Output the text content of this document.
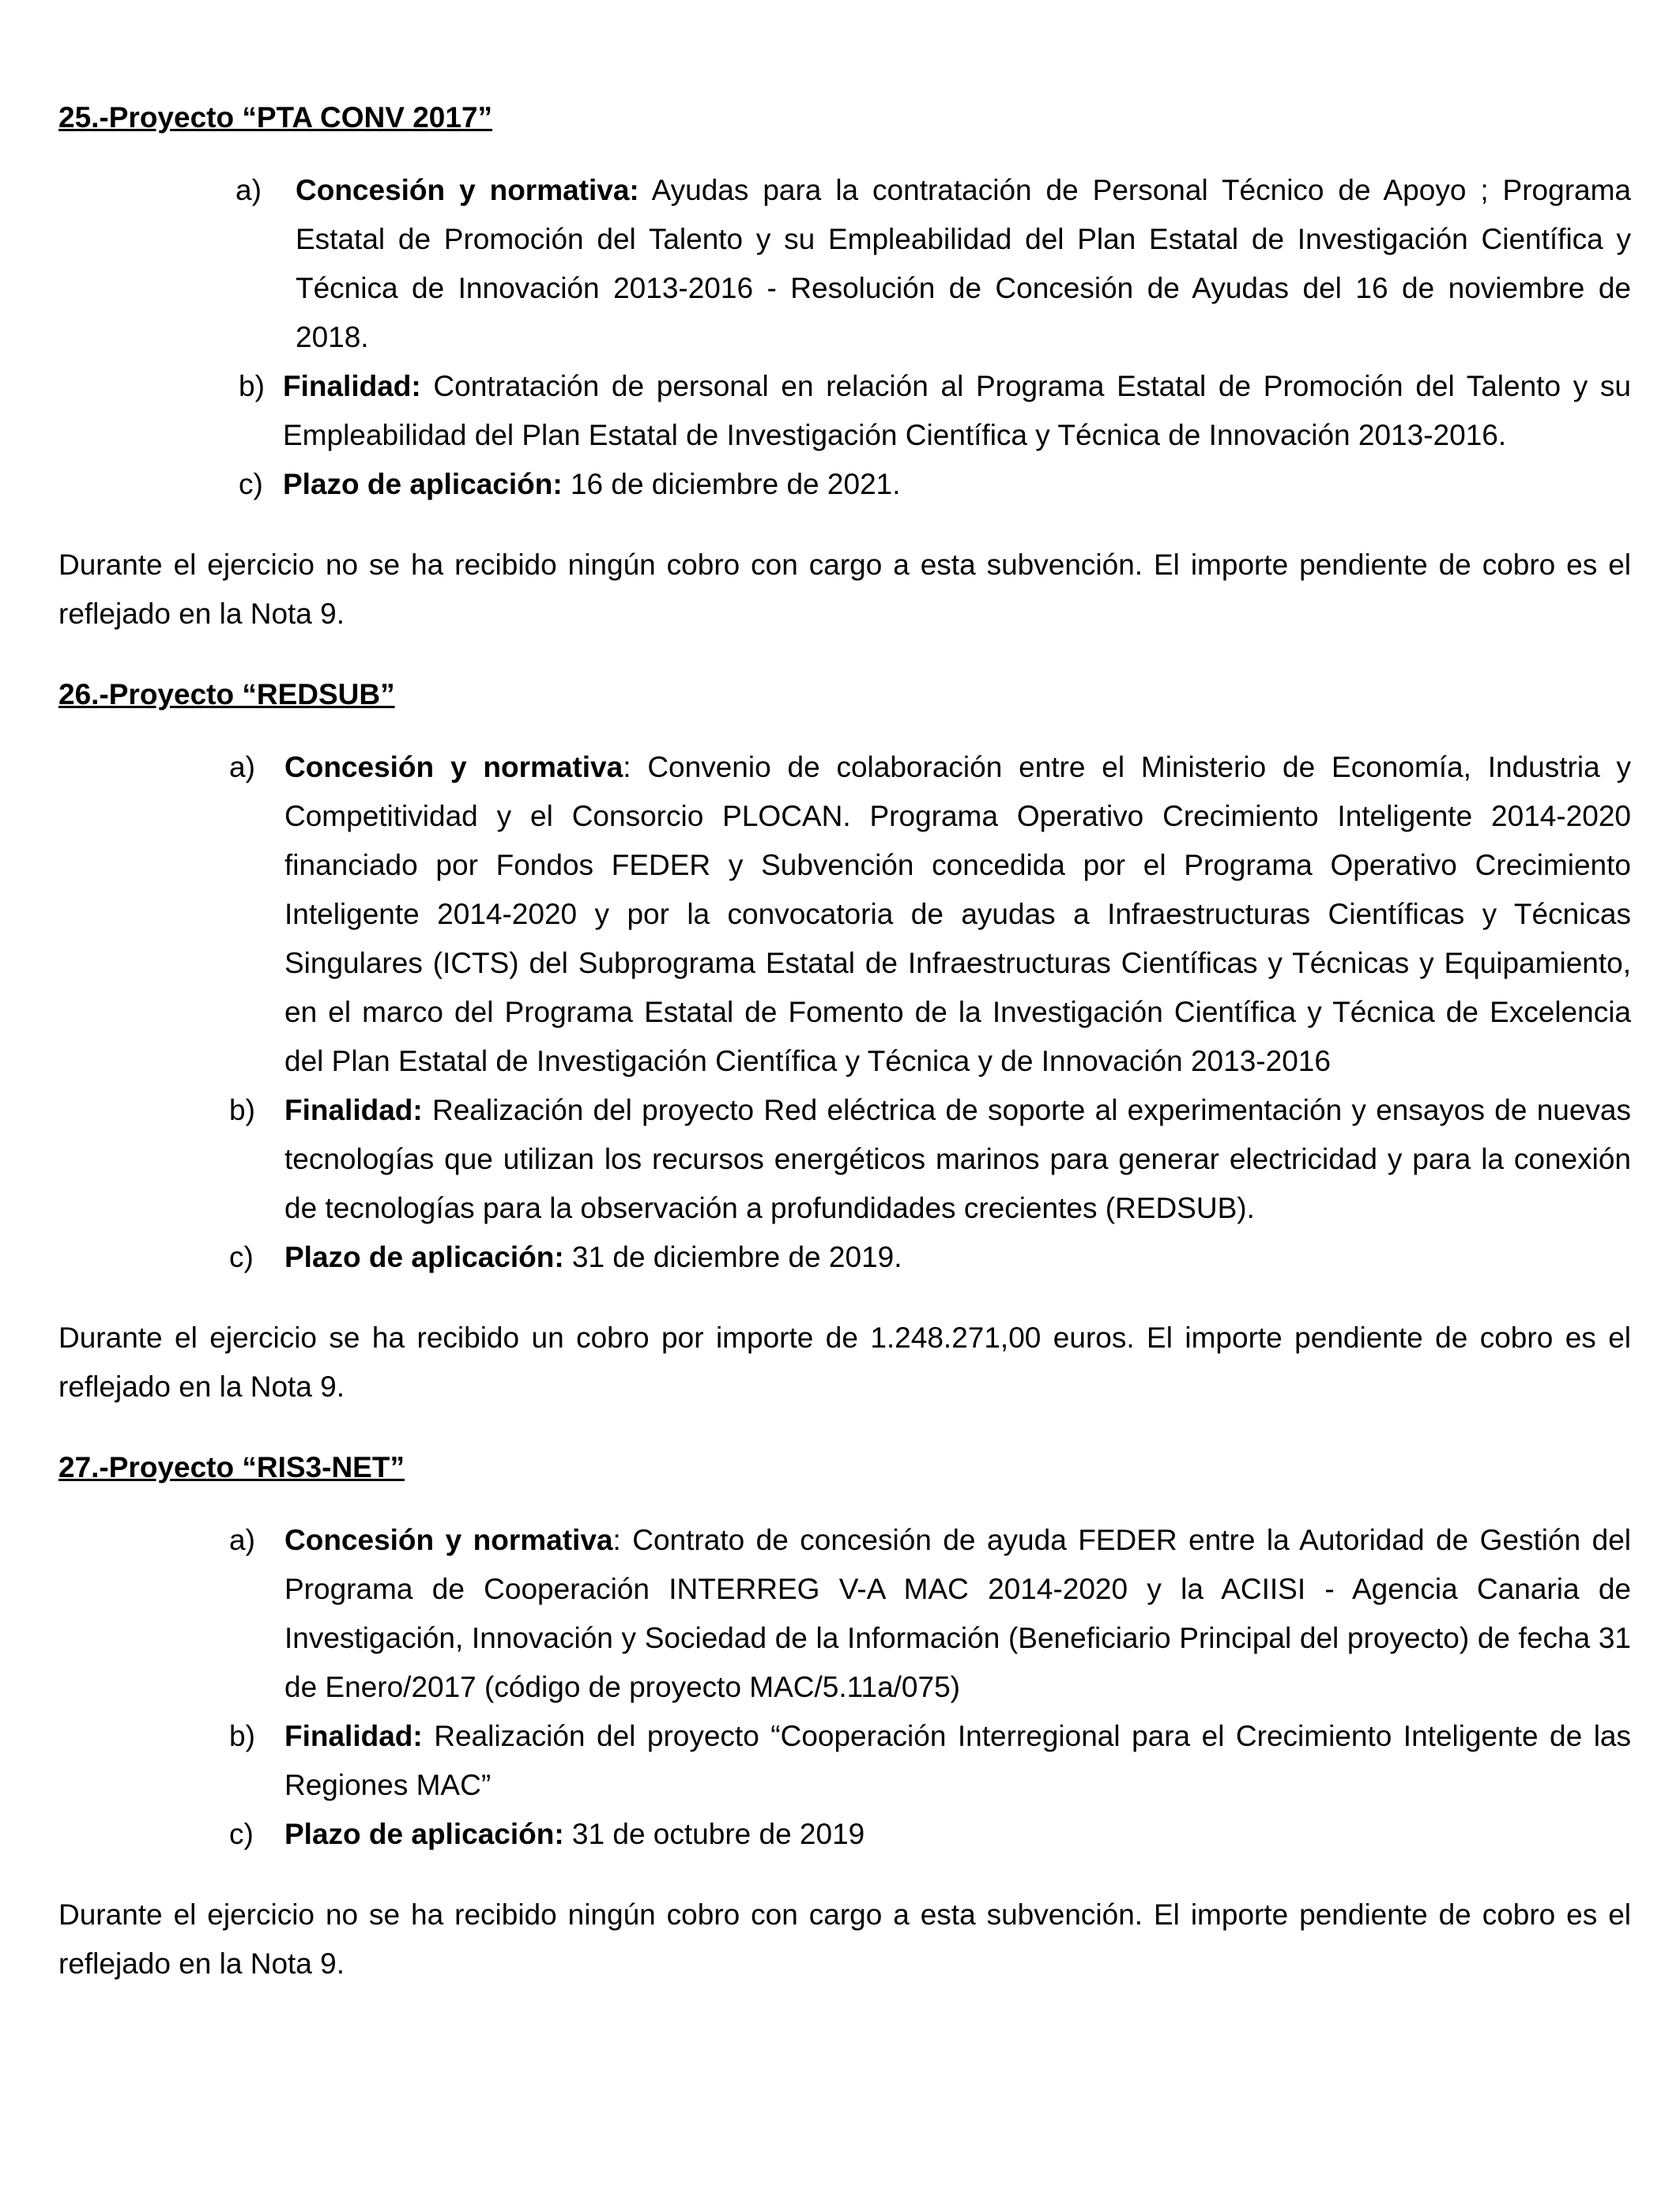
25.-Proyecto “PTA CONV 2017”
a) Concesión y normativa: Ayudas para la contratación de Personal Técnico de Apoyo ; Programa Estatal de Promoción del Talento y su Empleabilidad del Plan Estatal de Investigación Científica y Técnica de Innovación 2013-2016 - Resolución de Concesión de Ayudas del 16 de noviembre de 2018.
b) Finalidad: Contratación de personal en relación al Programa Estatal de Promoción del Talento y su Empleabilidad del Plan Estatal de Investigación Científica y Técnica de Innovación 2013-2016.
c) Plazo de aplicación: 16 de diciembre de 2021.

Durante el ejercicio no se ha recibido ningún cobro con cargo a esta subvención. El importe pendiente de cobro es el reflejado en la Nota 9.

26.-Proyecto “REDSUB”
a) Concesión y normativa: Convenio de colaboración entre el Ministerio de Economía, Industria y Competitividad y el Consorcio PLOCAN. Programa Operativo Crecimiento Inteligente 2014-2020 financiado por Fondos FEDER y Subvención concedida por el Programa Operativo Crecimiento Inteligente 2014-2020 y por la convocatoria de ayudas a Infraestructuras Científicas y Técnicas Singulares (ICTS) del Subprograma Estatal de Infraestructuras Científicas y Técnicas y Equipamiento, en el marco del Programa Estatal de Fomento de la Investigación Científica y Técnica de Excelencia del Plan Estatal de Investigación Científica y Técnica y de Innovación 2013-2016
b) Finalidad: Realización del proyecto Red eléctrica de soporte al experimentación y ensayos de nuevas tecnologías que utilizan los recursos energéticos marinos para generar electricidad y para la conexión de tecnologías para la observación a profundidades crecientes (REDSUB).
c) Plazo de aplicación: 31 de diciembre de 2019.

Durante el ejercicio se ha recibido un cobro por importe de 1.248.271,00 euros. El importe pendiente de cobro es el reflejado en la Nota 9.

27.-Proyecto “RIS3-NET”
a) Concesión y normativa: Contrato de concesión de ayuda FEDER entre la Autoridad de Gestión del Programa de Cooperación INTERREG V-A MAC 2014-2020 y la ACIISI - Agencia Canaria de Investigación, Innovación y Sociedad de la Información (Beneficiario Principal del proyecto) de fecha 31 de Enero/2017 (código de proyecto MAC/5.11a/075)
b) Finalidad: Realización del proyecto “Cooperación Interregional para el Crecimiento Inteligente de las Regiones MAC”
c) Plazo de aplicación: 31 de octubre de 2019

Durante el ejercicio no se ha recibido ningún cobro con cargo a esta subvención. El importe pendiente de cobro es el reflejado en la Nota 9.
